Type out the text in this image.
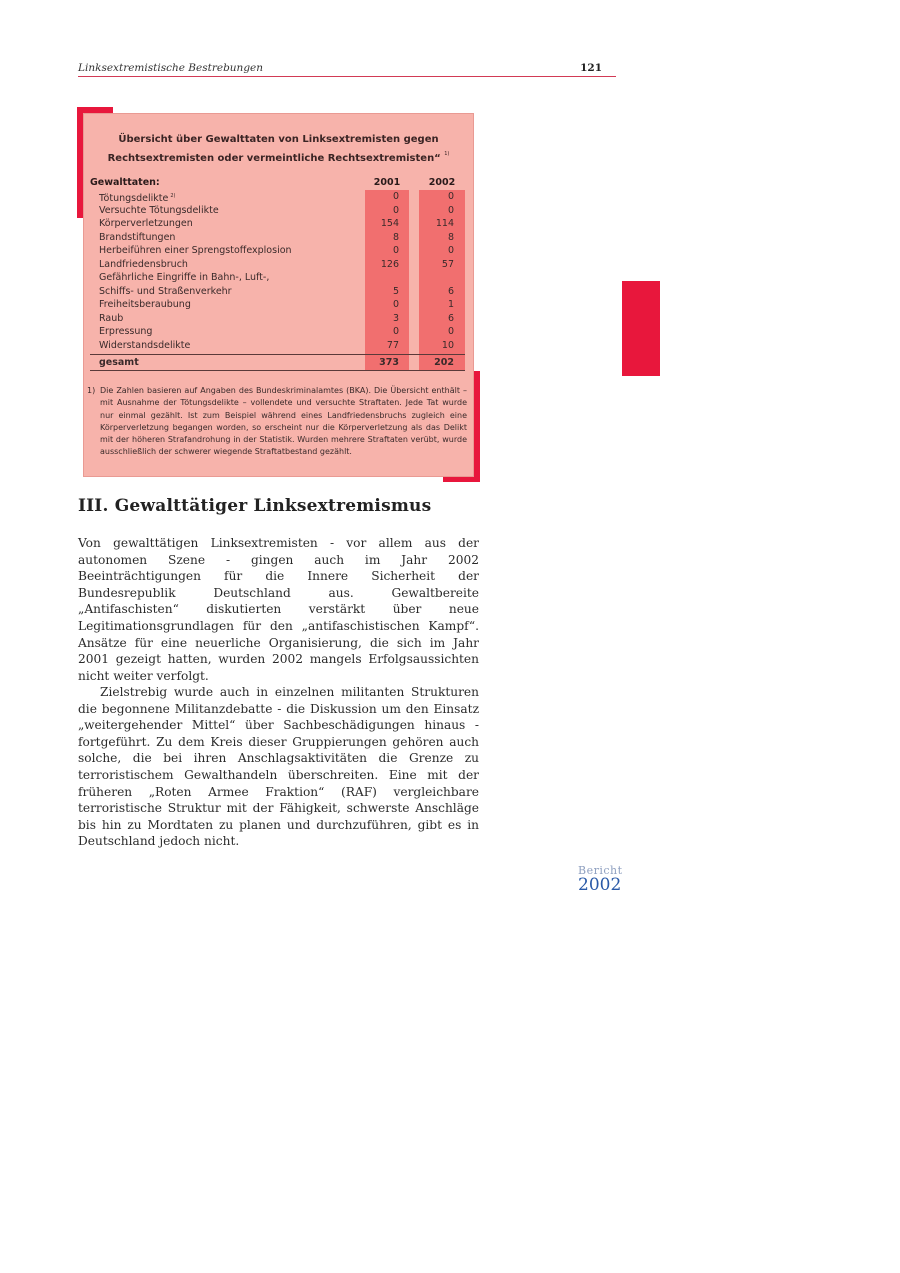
Linksextremistische Bestrebungen	121
Übersicht über Gewalttaten von Linksextremisten gegen Rechtsextremisten oder vermeintliche Rechtsextremisten“ $^{1)}$
Gewalttaten:	2001	2002
Tötungsdelikte $^{2)}$	0	0
Versuchte Tötungsdelikte	0	0
Körperverletzungen	154	114
Brandstiftungen	8	8
Herbeiführen einer Sprengstoffexplosion	0	0
Landfriedensbruch	126	57
Gefährliche Eingriffe in Bahn-, Luft-,
Schiffs- und Straßenverkehr	5	6
Freiheitsberaubung	0	1
Raub	3	6
Erpressung	0	0
Widerstandsdelikte	77	10
gesamt	373	202
1) Die Zahlen basieren auf Angaben des Bundeskriminalamtes (BKA). Die Übersicht enthält – mit Ausnahme der Tötungsdelikte – vollendete und versuchte Straftaten. Jede Tat wurde nur einmal gezählt. Ist zum Beispiel während eines Landfriedensbruchs zugleich eine Körperverletzung begangen worden, so erscheint nur die Körperverletzung als das Delikt mit der höheren Strafandrohung in der Statistik. Wurden mehrere Straftaten verübt, wurde ausschließlich der schwerer wiegende Straftatbestand gezählt.
III. Gewalttätiger Linksextremismus
Von gewalttätigen Linksextremisten - vor allem aus der autonomen Szene - gingen auch im Jahr 2002 Beeinträchtigungen für die Innere Sicherheit der Bundesrepublik Deutschland aus. Gewaltbereite „Antifaschisten“ diskutierten verstärkt über neue Legitimationsgrundlagen für den „antifaschistischen Kampf“. Ansätze für eine neuerliche Organisierung, die sich im Jahr 2001 gezeigt hatten, wurden 2002 mangels Erfolgsaussichten nicht weiter verfolgt.
Zielstrebig wurde auch in einzelnen militanten Strukturen die begonnene Militanzdebatte - die Diskussion um den Einsatz „weitergehender Mittel“ über Sachbeschädigungen hinaus - fortgeführt. Zu dem Kreis dieser Gruppierungen gehören auch solche, die bei ihren Anschlagsaktivitäten die Grenze zu terroristischem Gewalthandeln überschreiten. Eine mit der früheren „Roten Armee Fraktion“ (RAF) vergleichbare terroristische Struktur mit der Fähigkeit, schwerste Anschläge bis hin zu Mordtaten zu planen und durchzuführen, gibt es in Deutschland jedoch nicht.
Bericht
2002
